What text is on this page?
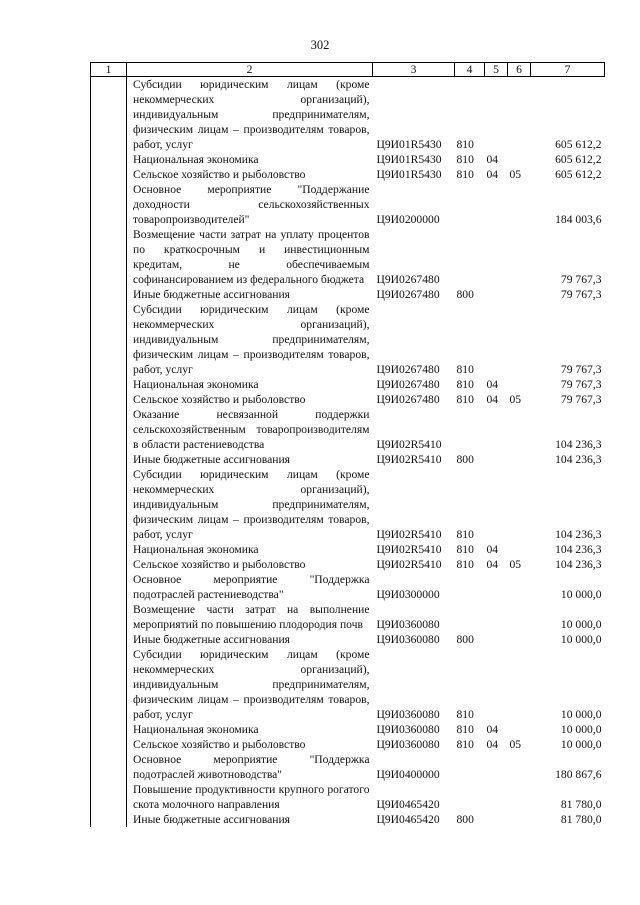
302
1	2	3	4	5	6	7
	Субсидии юридическим лицам (кроме некоммерческих организаций), индивидуальным предпринимателям, физическим лицам – производителям товаров, работ, услуг	Ц9И01R5430	810			605 612,2
	Национальная экономика	Ц9И01R5430	810	04		605 612,2
	Сельское хозяйство и рыболовство	Ц9И01R5430	810	04	05	605 612,2
	Основное мероприятие "Поддержание доходности сельскохозяйственных товаропроизводителей"	Ц9И0200000				184 003,6
	Возмещение части затрат на уплату процентов по краткосрочным и инвестиционным кредитам, не обеспечиваемым софинансированием из федерального бюджета	Ц9И0267480				79 767,3
	Иные бюджетные ассигнования	Ц9И0267480	800			79 767,3
	Субсидии юридическим лицам (кроме некоммерческих организаций), индивидуальным предпринимателям, физическим лицам – производителям товаров, работ, услуг	Ц9И0267480	810			79 767,3
	Национальная экономика	Ц9И0267480	810	04		79 767,3
	Сельское хозяйство и рыболовство	Ц9И0267480	810	04	05	79 767,3
	Оказание несвязанной поддержки сельскохозяйственным товаропроизводителям в области растениеводства	Ц9И02R5410				104 236,3
	Иные бюджетные ассигнования	Ц9И02R5410	800			104 236,3
	Субсидии юридическим лицам (кроме некоммерческих организаций), индивидуальным предпринимателям, физическим лицам – производителям товаров, работ, услуг	Ц9И02R5410	810			104 236,3
	Национальная экономика	Ц9И02R5410	810	04		104 236,3
	Сельское хозяйство и рыболовство	Ц9И02R5410	810	04	05	104 236,3
	Основное мероприятие "Поддержка подотраслей растениеводства"	Ц9И0300000				10 000,0
	Возмещение части затрат на выполнение мероприятий по повышению плодородия почв	Ц9И0360080				10 000,0
	Иные бюджетные ассигнования	Ц9И0360080	800			10 000,0
	Субсидии юридическим лицам (кроме некоммерческих организаций), индивидуальным предпринимателям, физическим лицам – производителям товаров, работ, услуг	Ц9И0360080	810			10 000,0
	Национальная экономика	Ц9И0360080	810	04		10 000,0
	Сельское хозяйство и рыболовство	Ц9И0360080	810	04	05	10 000,0
	Основное мероприятие "Поддержка подотраслей животноводства"	Ц9И0400000				180 867,6
	Повышение продуктивности крупного рогатого скота молочного направления	Ц9И0465420				81 780,0
	Иные бюджетные ассигнования	Ц9И0465420	800			81 780,0
